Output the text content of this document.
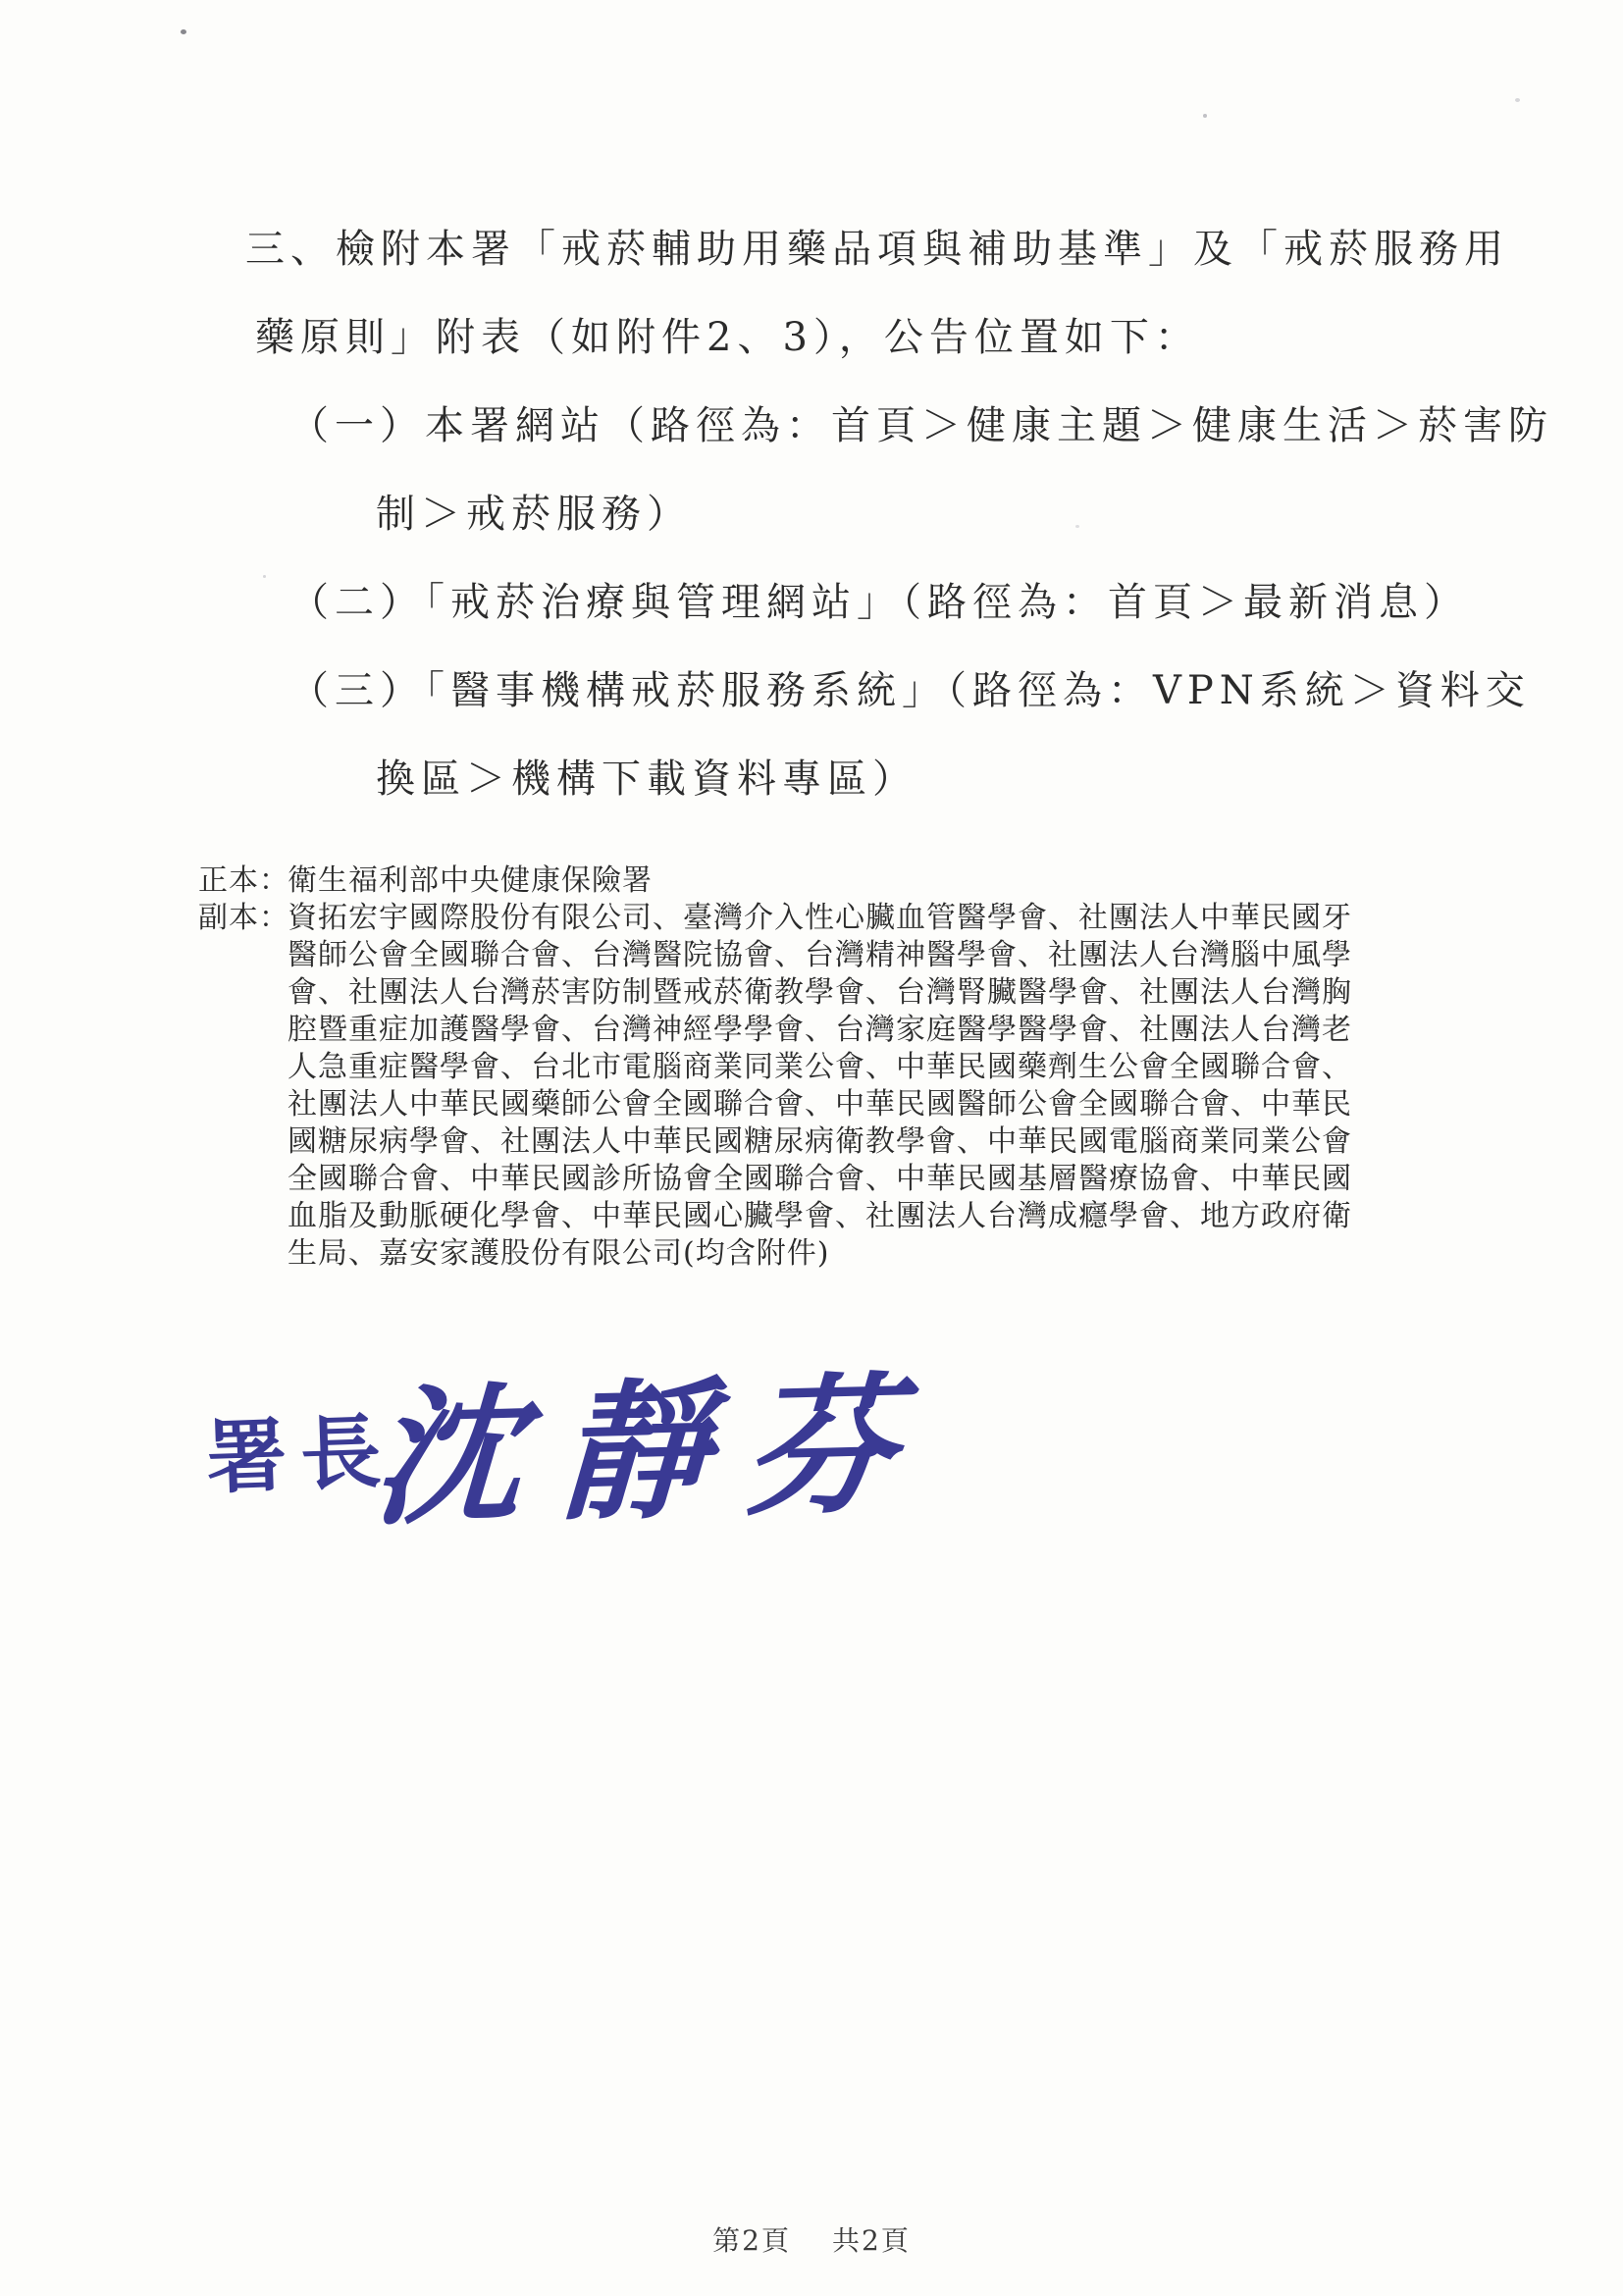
三、檢附本署「戒菸輔助用藥品項與補助基準」及「戒菸服務用
藥原則」附表（如附件2、3），公告位置如下：
（一）本署網站（路徑為：首頁＞健康主題＞健康生活＞菸害防
制＞戒菸服務）
（二）「戒菸治療與管理網站」（路徑為：首頁＞最新消息）
（三）「醫事機構戒菸服務系統」（路徑為：VPN系統＞資料交
換區＞機構下載資料專區）
正本：
衛生福利部中央健康保險署
副本：
資拓宏宇國際股份有限公司、臺灣介入性心臟血管醫學會、社團法人中華民國牙
醫師公會全國聯合會、台灣醫院協會、台灣精神醫學會、社團法人台灣腦中風學
會、社團法人台灣菸害防制暨戒菸衛教學會、台灣腎臟醫學會、社團法人台灣胸
腔暨重症加護醫學會、台灣神經學學會、台灣家庭醫學醫學會、社團法人台灣老
人急重症醫學會、台北市電腦商業同業公會、中華民國藥劑生公會全國聯合會、
社團法人中華民國藥師公會全國聯合會、中華民國醫師公會全國聯合會、中華民
國糖尿病學會、社團法人中華民國糖尿病衛教學會、中華民國電腦商業同業公會
全國聯合會、中華民國診所協會全國聯合會、中華民國基層醫療協會、中華民國
血脂及動脈硬化學會、中華民國心臟學會、社團法人台灣成癮學會、地方政府衛
生局、嘉安家護股份有限公司(均含附件)
署長
沈靜芬
第2頁 共2頁
